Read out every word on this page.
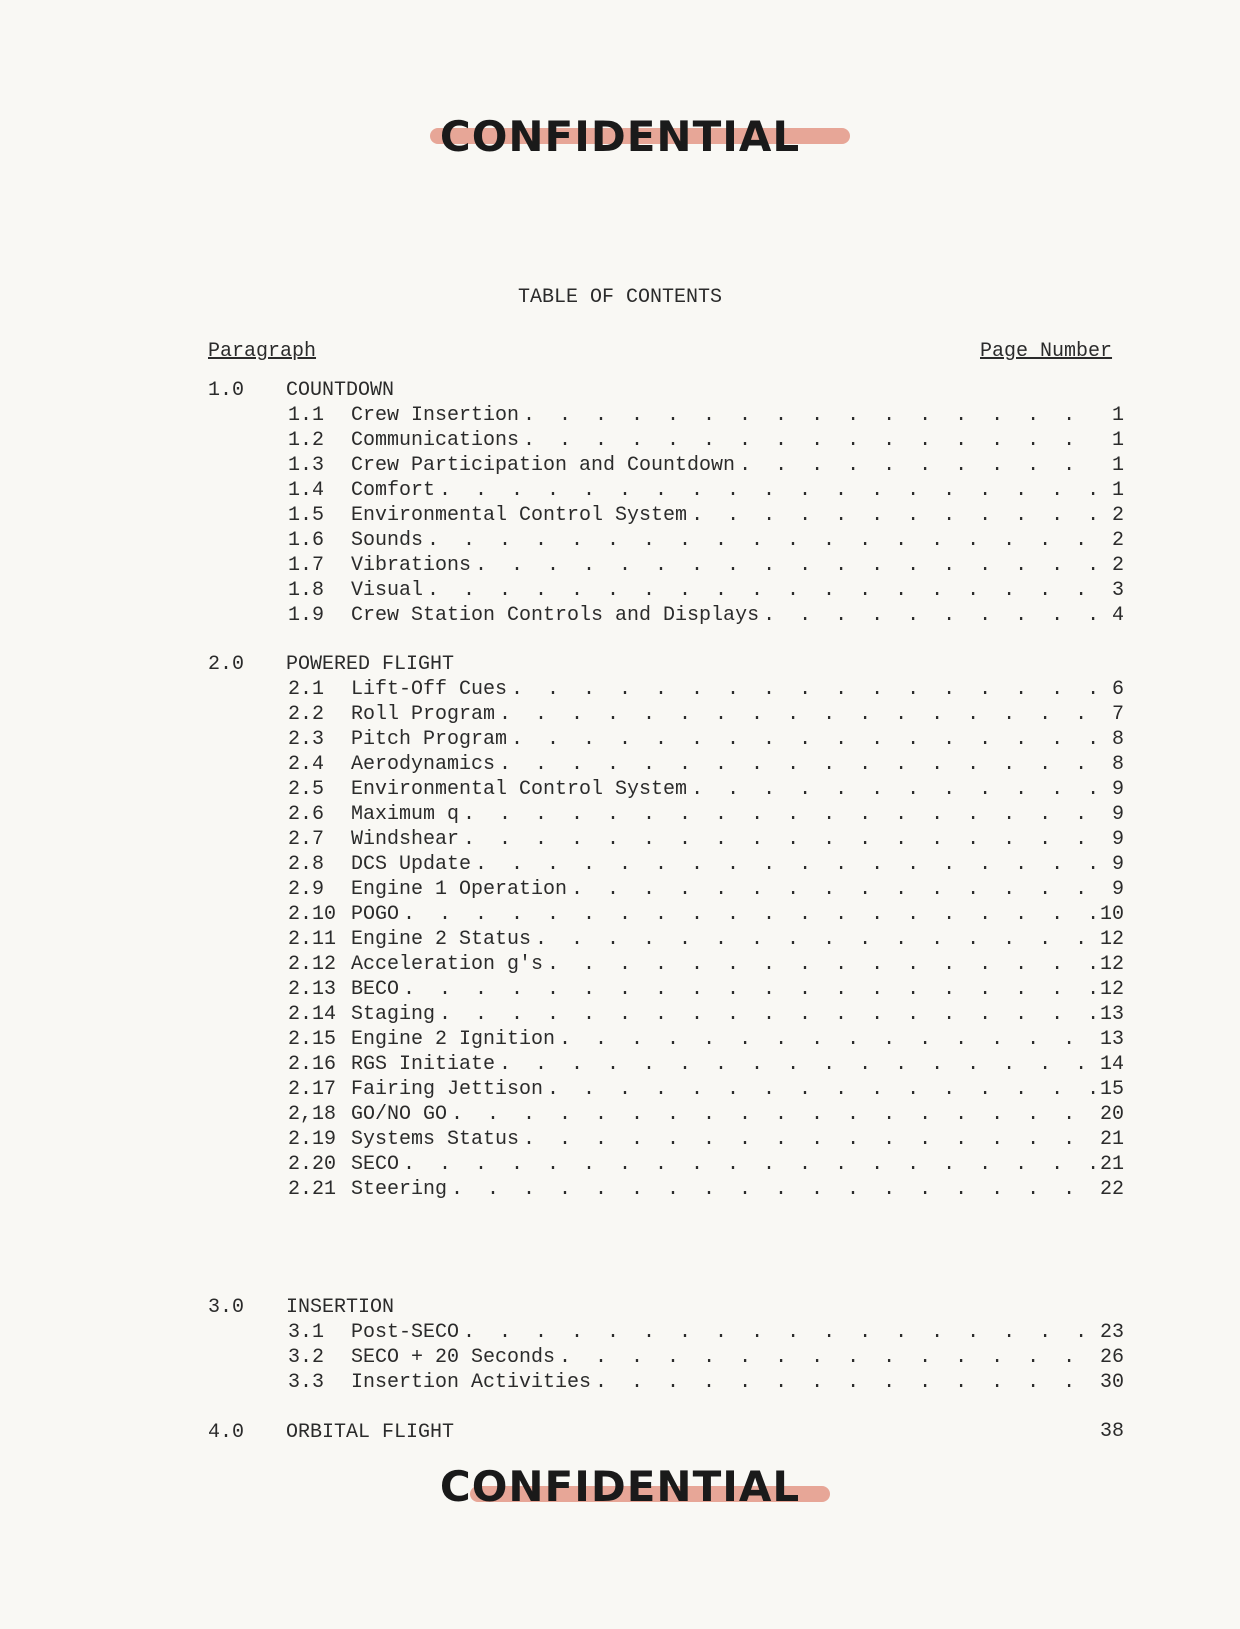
CONFIDENTIAL
TABLE OF CONTENTS
Paragraph	Page Number
1.0 COUNTDOWN
1.1	Crew Insertion . . .	1
1.2	Communications . . .	1
1.3	Crew Participation and Countdown . . .	1
1.4	Comfort . . .	1
1.5	Environmental Control System . . .	2
1.6	Sounds . . .	2
1.7	Vibrations . . .	2
1.8	Visual . . .	3
1.9	Crew Station Controls and Displays . . .	4
2.0 POWERED FLIGHT
2.1	Lift-Off Cues . . .	6
2.2	Roll Program . . .	7
2.3	Pitch Program . . .	8
2.4	Aerodynamics . . .	8
2.5	Environmental Control System . . .	9
2.6	Maximum q . . .	9
2.7	Windshear . . .	9
2.8	DCS Update . . .	9
2.9	Engine 1 Operation . . .	9
2.10 POGO . . .	10
2.11 Engine 2 Status . . .	12
2.12 Acceleration g's . . .	12
2.13 BECO . . .	12
2.14 Staging . . .	13
2.15 Engine 2 Ignition . . .	13
2.16 RGS Initiate . . .	14
2.17 Fairing Jettison . . .	15
2,18 GO/NO GO . . .	20
2.19 Systems Status . . .	21
2.20 SECO . . .	21
2.21 Steering . . .	22
3.0 INSERTION
3.1	Post-SECO . . .	23
3.2	SECO + 20 Seconds . . .	26
3.3	Insertion Activities . . .	30
4.0 ORBITAL FLIGHT	38
CONFIDENTIAL
